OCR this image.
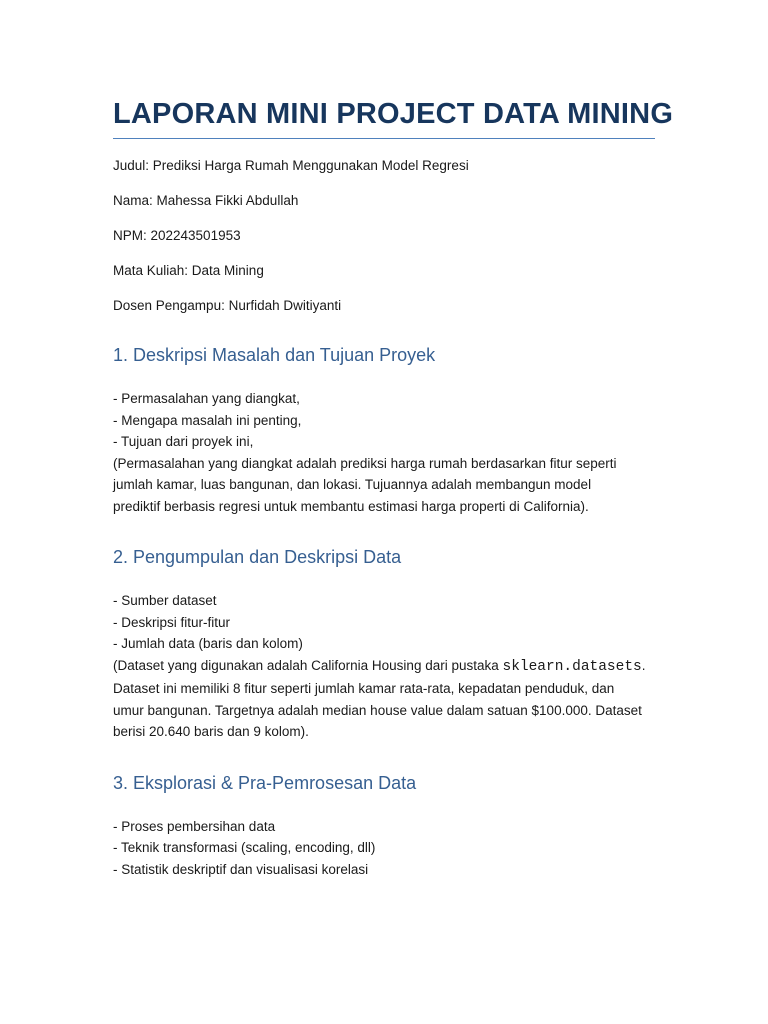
LAPORAN MINI PROJECT DATA MINING

Judul: Prediksi Harga Rumah Menggunakan Model Regresi

Nama: Mahessa Fikki Abdullah

NPM: 202243501953

Mata Kuliah: Data Mining

Dosen Pengampu: Nurfidah Dwitiyanti

1. Deskripsi Masalah dan Tujuan Proyek
- Permasalahan yang diangkat,
- Mengapa masalah ini penting,
- Tujuan dari proyek ini,

(Permasalahan yang diangkat adalah prediksi harga rumah berdasarkan fitur seperti

jumlah kamar, luas bangunan, dan lokasi. Tujuannya adalah membangun model

prediktif berbasis regresi untuk membantu estimasi harga properti di California).

2. Pengumpulan dan Deskripsi Data
- Sumber dataset
- Deskripsi fitur-fitur
- Jumlah data (baris dan kolom)

(Dataset yang digunakan adalah California Housing dari pustaka sklearn.datasets.

Dataset ini memiliki 8 fitur seperti jumlah kamar rata-rata, kepadatan penduduk, dan

umur bangunan. Targetnya adalah median house value dalam satuan $100.000. Dataset

berisi 20.640 baris dan 9 kolom).

3. Eksplorasi & Pra-Pemrosesan Data
- Proses pembersihan data
- Teknik transformasi (scaling, encoding, dll)
- Statistik deskriptif dan visualisasi korelasi
